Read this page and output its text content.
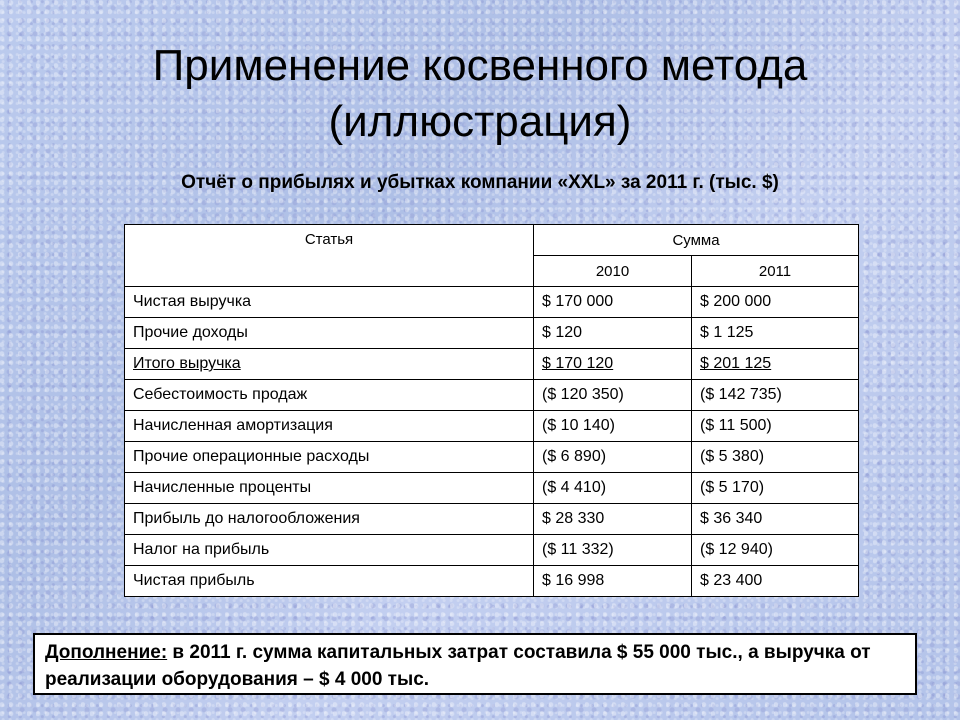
Применение косвенного метода
(иллюстрация)
Отчёт о прибылях и убытках компании «XXL» за 2011 г. (тыс. $)
Статья	Сумма	
	2010	2011
Чистая выручка	$ 170 000	$ 200 000
Прочие доходы	$ 120	$ 1 125
Итого выручка	$ 170 120	$ 201 125
Себестоимость продаж	($ 120 350)	($ 142 735)
Начисленная амортизация	($ 10 140)	($ 11 500)
Прочие операционные расходы	($ 6 890)	($ 5 380)
Начисленные проценты	($ 4 410)	($ 5 170)
Прибыль до налогообложения	$ 28 330	$ 36 340
Налог на прибыль	($ 11 332)	($ 12 940)
Чистая прибыль	$ 16 998	$ 23 400
Дополнение: в 2011 г. сумма капитальных затрат составила $ 55 000 тыс., а выручка от реализации оборудования – $ 4 000 тыс.
